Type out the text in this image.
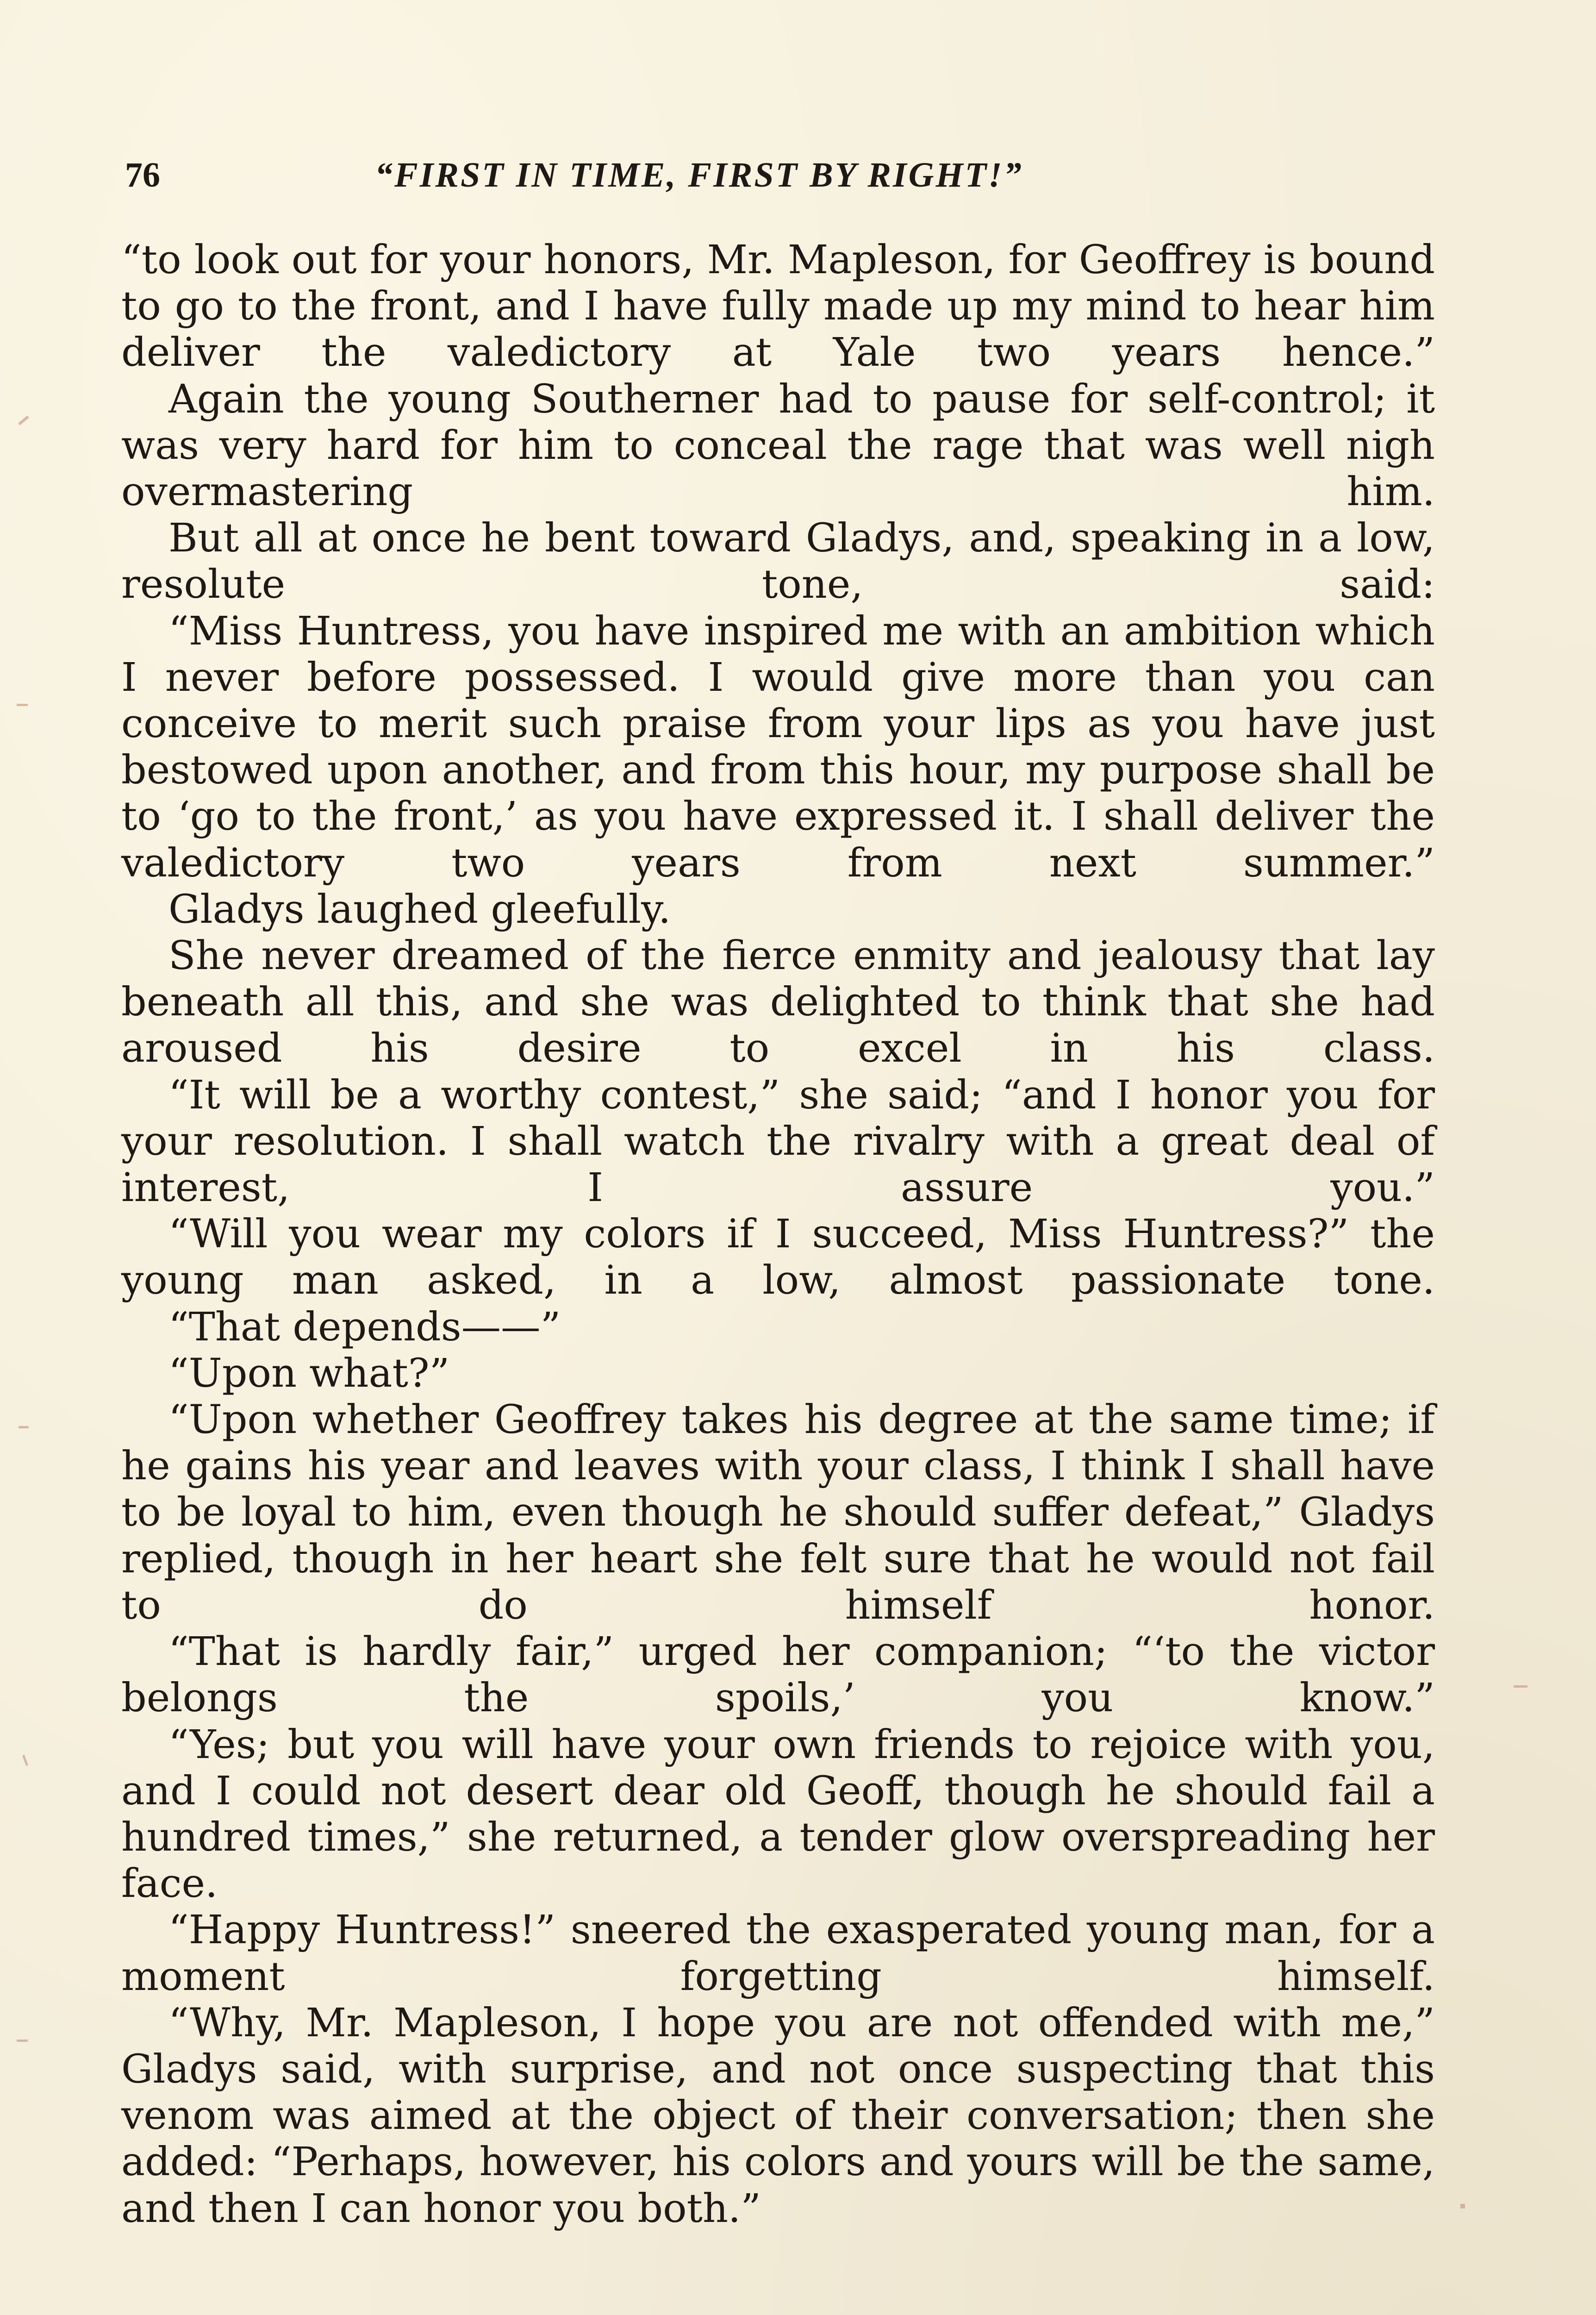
76	“FIRST IN TIME, FIRST BY RIGHT!”

“to look out for your honors, Mr. Mapleson, for Geoffrey is bound to go to the front, and I have fully made up my mind to hear him deliver the valedictory at Yale two years hence.”

Again the young Southerner had to pause for self-control; it was very hard for him to conceal the rage that was well nigh overmastering him.

But all at once he bent toward Gladys, and, speaking in a low, resolute tone, said:

“Miss Huntress, you have inspired me with an ambition which I never before possessed. I would give more than you can conceive to merit such praise from your lips as you have just bestowed upon another, and from this hour, my purpose shall be to ‘go to the front,’ as you have expressed it. I shall deliver the valedictory two years from next summer.”

Gladys laughed gleefully.

She never dreamed of the fierce enmity and jealousy that lay beneath all this, and she was delighted to think that she had aroused his desire to excel in his class.

“It will be a worthy contest,” she said; “and I honor you for your resolution. I shall watch the rivalry with a great deal of interest, I assure you.”

“Will you wear my colors if I succeed, Miss Huntress?” the young man asked, in a low, almost passionate tone.

“That depends——”

“Upon what?”

“Upon whether Geoffrey takes his degree at the same time; if he gains his year and leaves with your class, I think I shall have to be loyal to him, even though he should suffer defeat,” Gladys replied, though in her heart she felt sure that he would not fail to do himself honor.

“That is hardly fair,” urged her companion; “‘to the victor belongs the spoils,’ you know.”

“Yes; but you will have your own friends to rejoice with you, and I could not desert dear old Geoff, though he should fail a hundred times,” she returned, a tender glow overspreading her face.

“Happy Huntress!” sneered the exasperated young man, for a moment forgetting himself.

“Why, Mr. Mapleson, I hope you are not offended with me,” Gladys said, with surprise, and not once suspecting that this venom was aimed at the object of their conversation; then she added: “Perhaps, however, his colors and yours will be the same, and then I can honor you both.”
